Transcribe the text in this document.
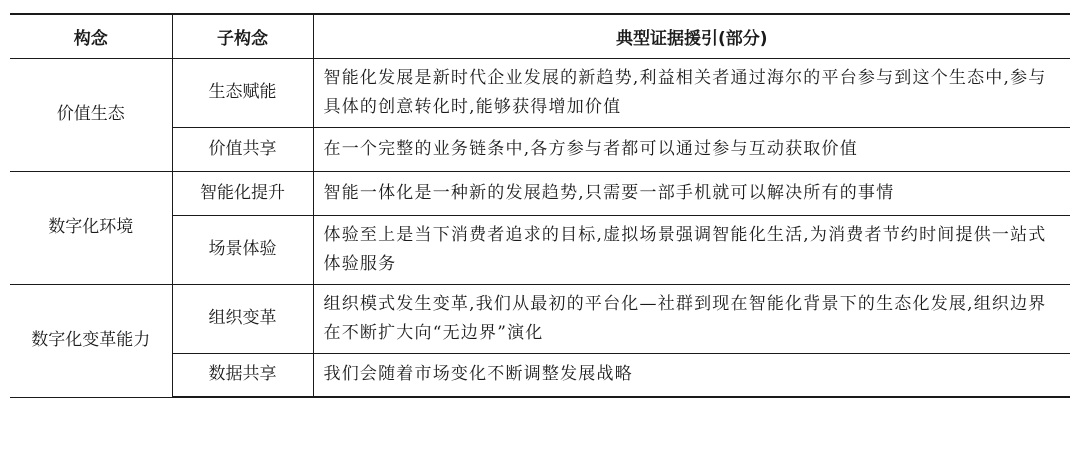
构念	子构念	典型证据援引(部分)
价值生态	生态赋能	智能化发展是新时代企业发展的新趋势,利益相关者通过海尔的平台参与到这个生态中,参与具体的创意转化时,能够获得增加价值
	价值共享	在一个完整的业务链条中,各方参与者都可以通过参与互动获取价值
数字化环境	智能化提升	智能一体化是一种新的发展趋势,只需要一部手机就可以解决所有的事情
	场景体验	体验至上是当下消费者追求的目标,虚拟场景强调智能化生活,为消费者节约时间提供一站式体验服务
数字化变革能力	组织变革	组织模式发生变革,我们从最初的平台化—社群到现在智能化背景下的生态化发展,组织边界在不断扩大向“无边界”演化
	数据共享	我们会随着市场变化不断调整发展战略
